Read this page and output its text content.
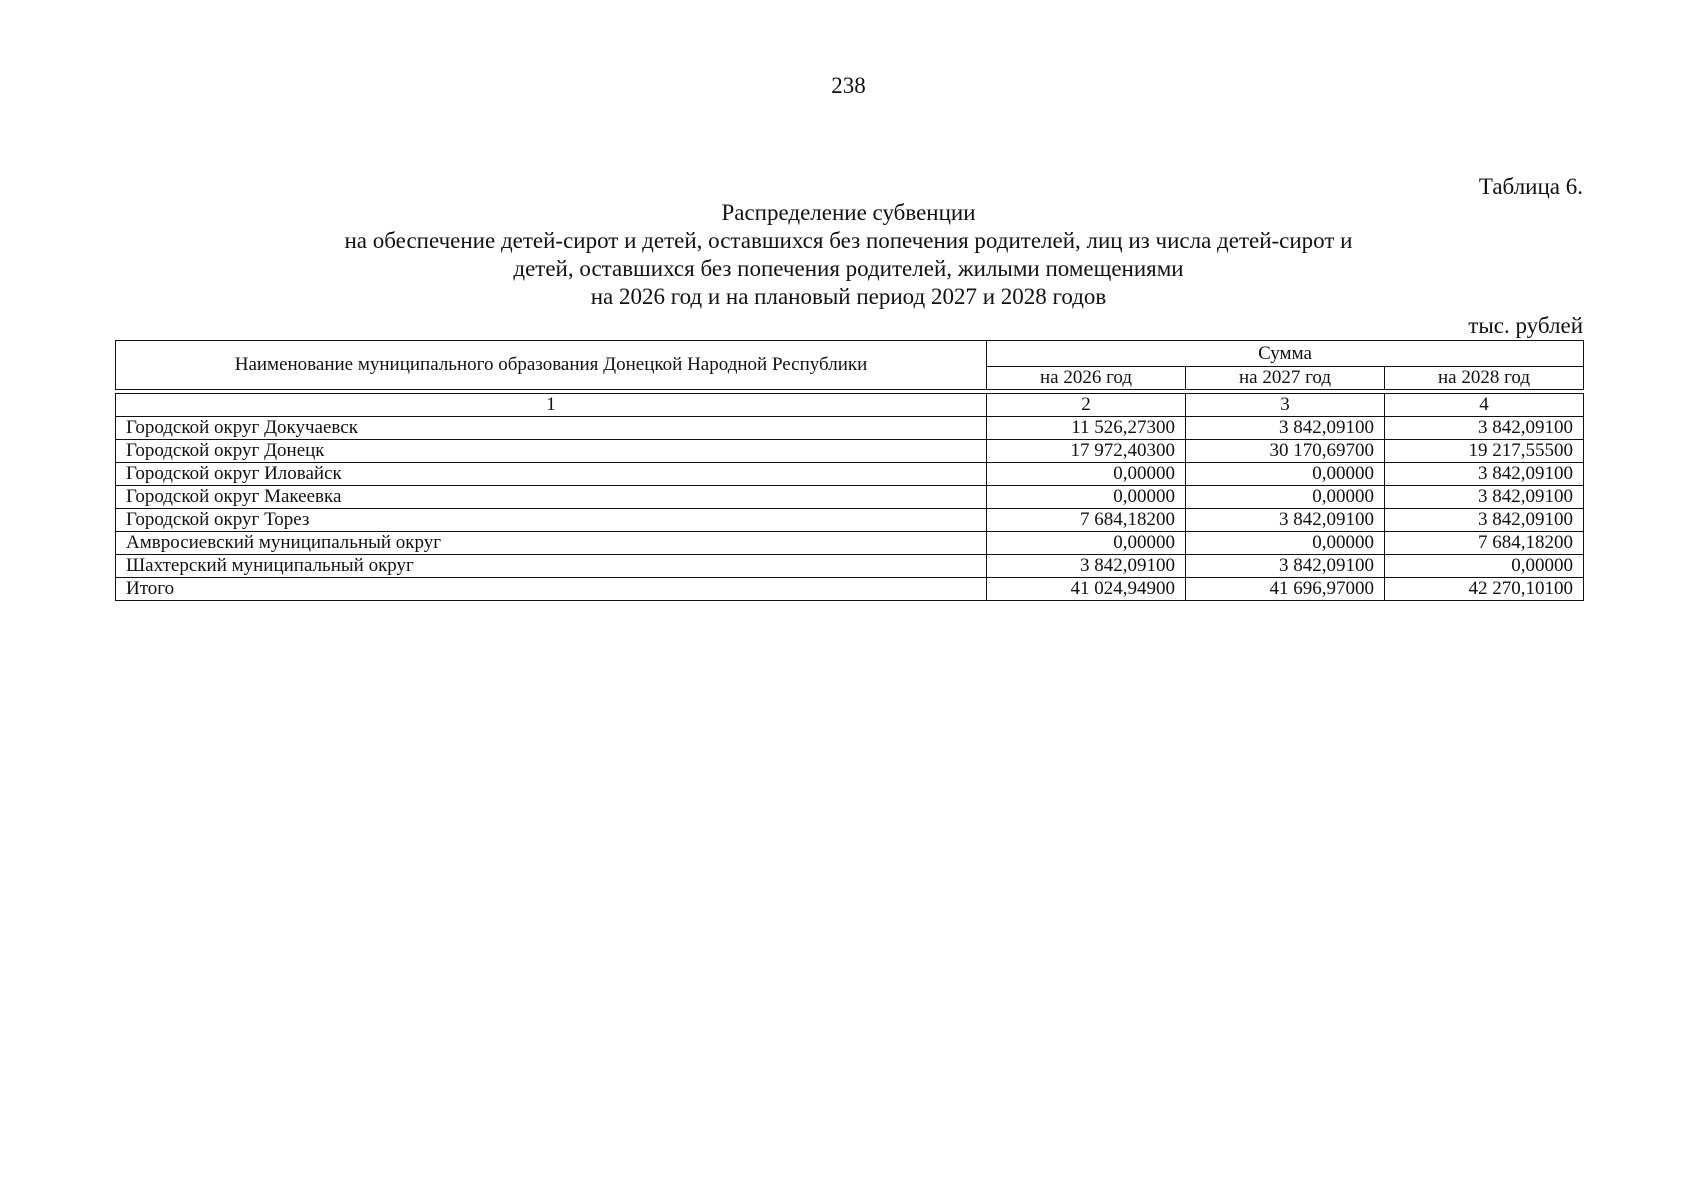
238
Таблица 6.
Распределение субвенции
на обеспечение детей-сирот и детей, оставшихся без попечения родителей, лиц из числа детей-сирот и
детей, оставшихся без попечения родителей, жилыми помещениями
на 2026 год и на плановый период 2027 и 2028 годов
тыс. рублей
Наименование муниципального образования Донецкой Народной Республики	Сумма		
	на 2026 год	на 2027 год	на 2028 год

1	2	3	4
Городской округ Докучаевск	11 526,27300	3 842,09100	3 842,09100
Городской округ Донецк	17 972,40300	30 170,69700	19 217,55500
Городской округ Иловайск	0,00000	0,00000	3 842,09100
Городской округ Макеевка	0,00000	0,00000	3 842,09100
Городской округ Торез	7 684,18200	3 842,09100	3 842,09100
Амвросиевский муниципальный округ	0,00000	0,00000	7 684,18200
Шахтерский муниципальный округ	3 842,09100	3 842,09100	0,00000
Итого	41 024,94900	41 696,97000	42 270,10100
